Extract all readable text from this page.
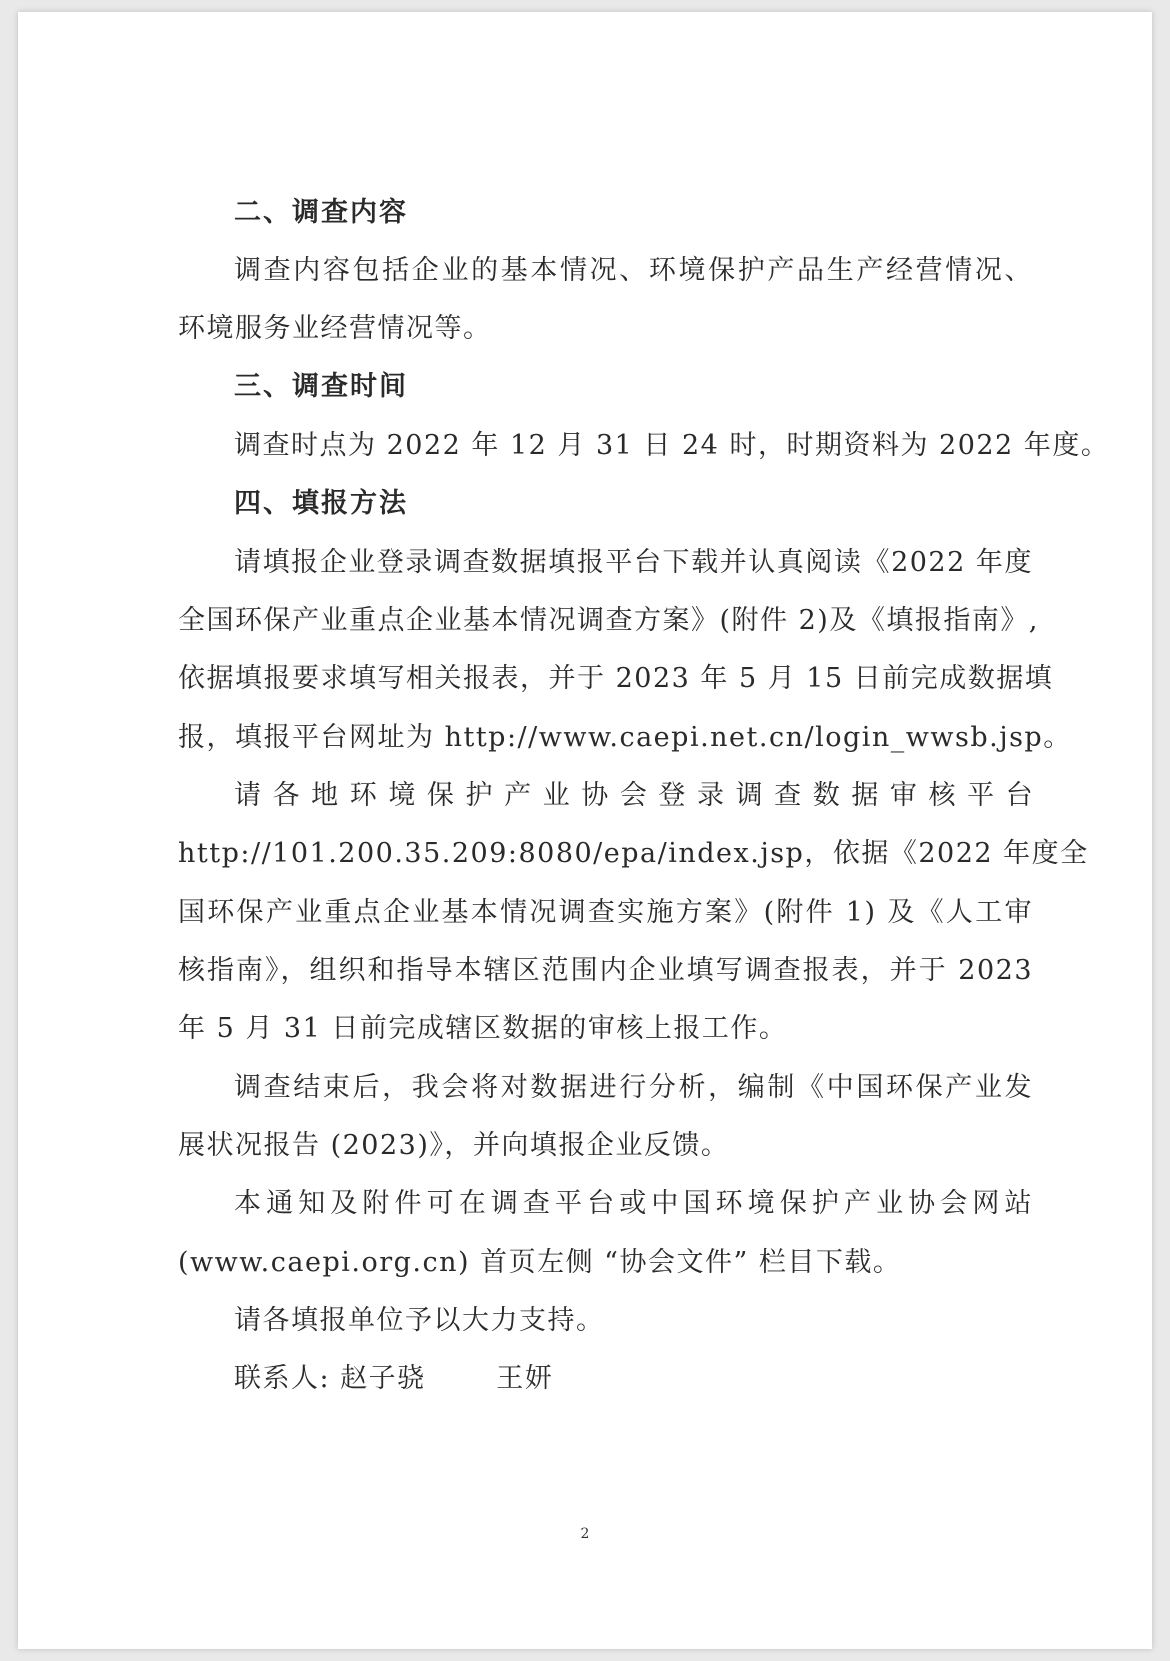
二、调查内容
调查内容包括企业的基本情况、环境保护产品生产经营情况、
环境服务业经营情况等。
三、调查时间
调查时点为 2022 年 12 月 31 日 24 时，时期资料为 2022 年度。
四、填报方法
请填报企业登录调查数据填报平台下载并认真阅读《2022 年度
全国环保产业重点企业基本情况调查方案》(附件 2)及《填报指南》,
依据填报要求填写相关报表，并于 2023 年 5 月 15 日前完成数据填
报，填报平台网址为 http://www.caepi.net.cn/login_wwsb.jsp。
请 各 地 环 境 保 护 产 业 协 会 登 录 调 查 数 据 审 核 平 台
http://101.200.35.209:8080/epa/index.jsp，依据《2022 年度全
国环保产业重点企业基本情况调查实施方案》(附件 1) 及《人工审
核指南》，组织和指导本辖区范围内企业填写调查报表，并于 2023
年 5 月 31 日前完成辖区数据的审核上报工作。
调查结束后，我会将对数据进行分析，编制《中国环保产业发
展状况报告 (2023)》，并向填报企业反馈。
本通知及附件可在调查平台或中国环境保护产业协会网站
(www.caepi.org.cn) 首页左侧 “协会文件” 栏目下载。
请各填报单位予以大力支持。
联系人: 赵子骁       王妍
2
